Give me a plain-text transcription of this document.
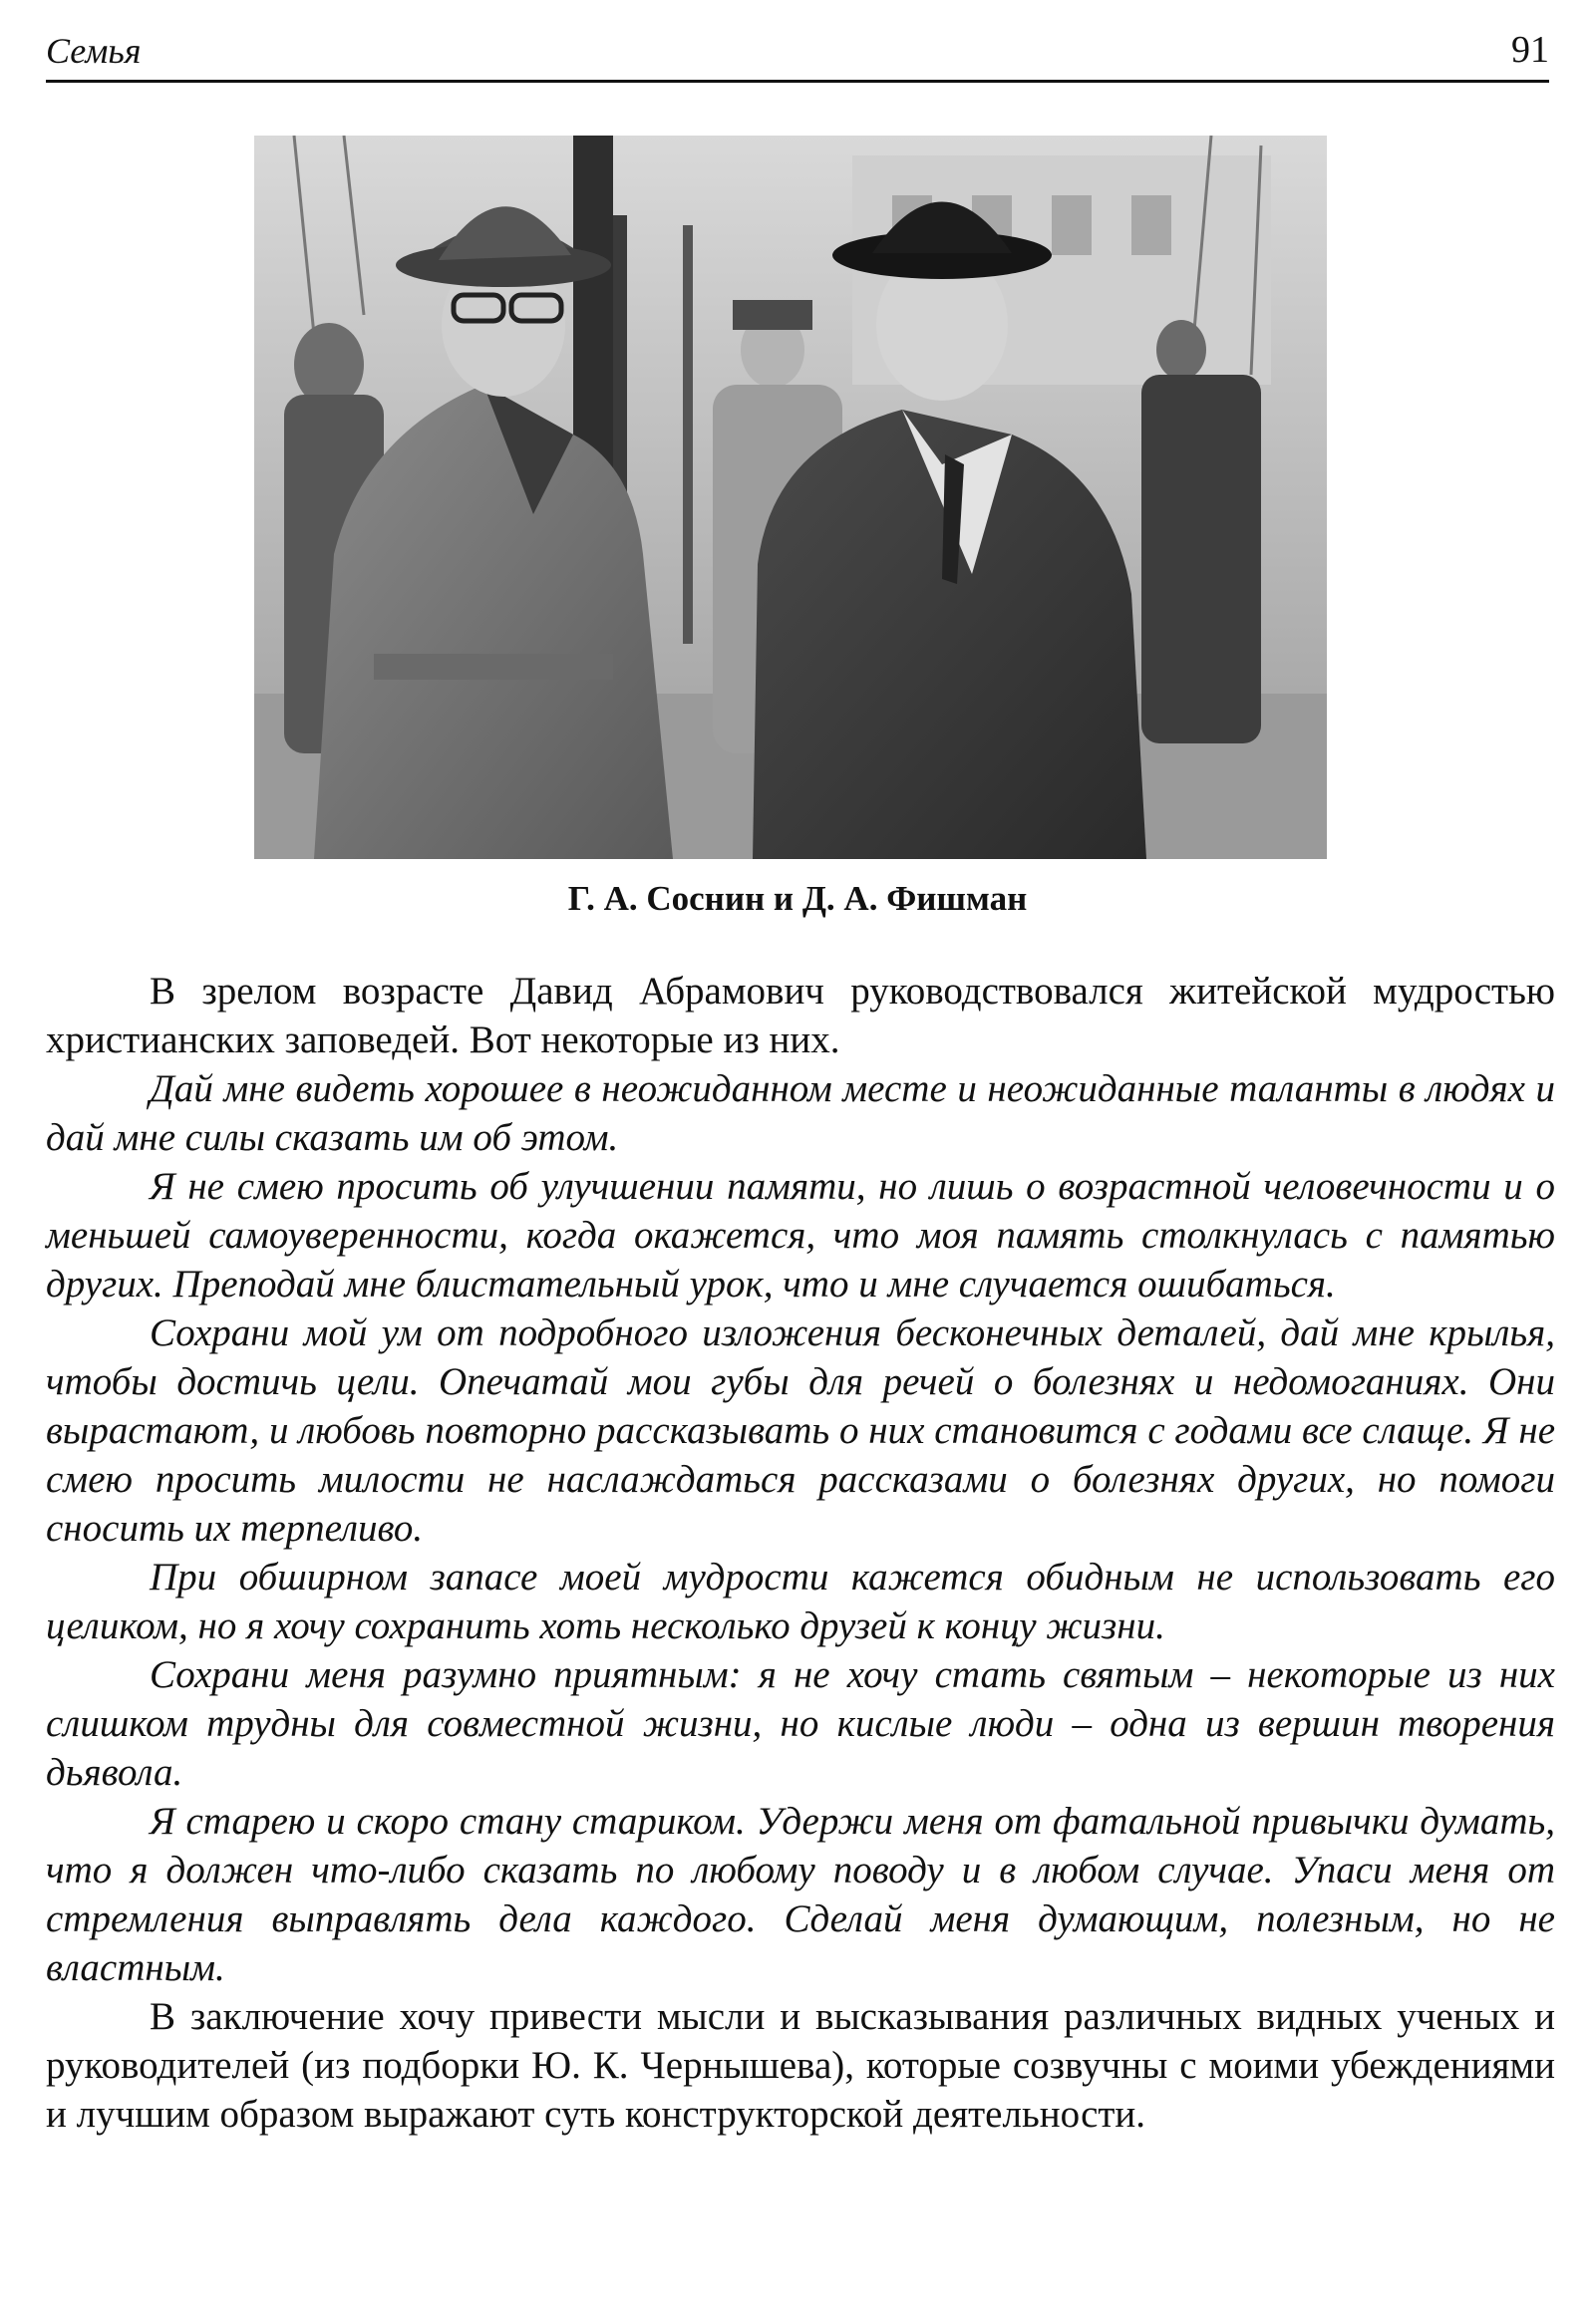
Семья	91
Г. А. Соснин и Д. А. Фишман

В зрелом возрасте Давид Абрамович руководствовался житейской мудростью христианских заповедей. Вот некоторые из них.

Дай мне видеть хорошее в неожиданном месте и неожиданные таланты в людях и дай мне силы сказать им об этом.

Я не смею просить об улучшении памяти, но лишь о возрастной человечности и о меньшей самоуверенности, когда окажется, что моя память столкнулась с памятью других. Преподай мне блистательный урок, что и мне случается ошибаться.

Сохрани мой ум от подробного изложения бесконечных деталей, дай мне крылья, чтобы достичь цели. Опечатай мои губы для речей о болезнях и недомоганиях. Они вырастают, и любовь повторно рассказывать о них становится с годами все слаще. Я не смею просить милости не наслаждаться рассказами о болезнях других, но помоги сносить их терпеливо.

При обширном запасе моей мудрости кажется обидным не использовать его целиком, но я хочу сохранить хоть несколько друзей к концу жизни.

Сохрани меня разумно приятным: я не хочу стать святым – некоторые из них слишком трудны для совместной жизни, но кислые люди – одна из вершин творения дьявола.

Я старею и скоро стану стариком. Удержи меня от фатальной привычки думать, что я должен что-либо сказать по любому поводу и в любом случае. Упаси меня от стремления выправлять дела каждого. Сделай меня думающим, полезным, но не властным.

В заключение хочу привести мысли и высказывания различных видных ученых и руководителей (из подборки Ю. К. Чернышева), которые созвучны с моими убеждениями и лучшим образом выражают суть конструкторской деятельности.
